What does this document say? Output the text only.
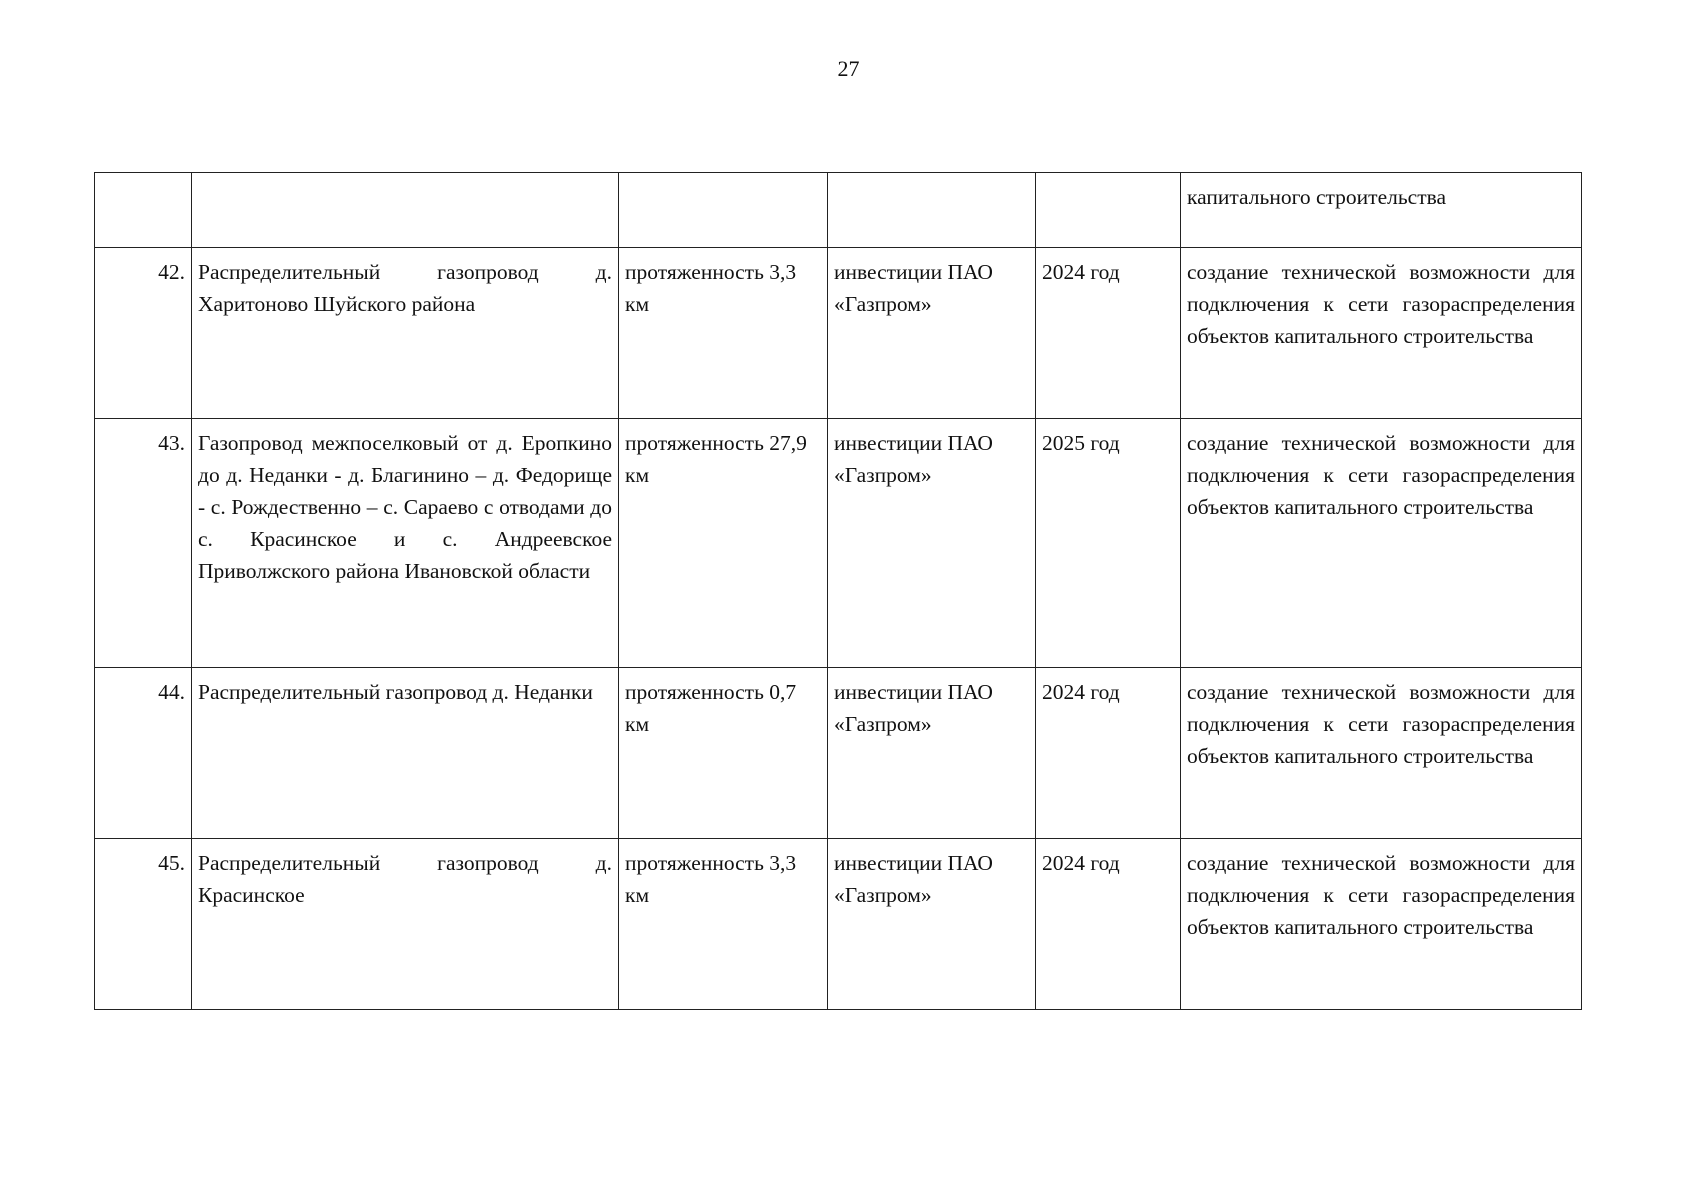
27
					капитального строительства
42.	Распределительный газопровод д. Харитоново Шуйского района	протяженность 3,3 км	инвестиции ПАО «Газпром»	2024 год	создание технической возможности для подключения к сети газораспределения объектов капитального строительства
43.	Газопровод межпоселковый от д. Еропкино до д. Неданки - д. Благинино – д. Федорище - с. Рождественно – с. Сараево с отводами до с. Красинское и с. Андреевское Приволжского района Ивановской области	протяженность 27,9 км	инвестиции ПАО «Газпром»	2025 год	создание технической возможности для подключения к сети газораспределения объектов капитального строительства
44.	Распределительный газопровод д. Неданки	протяженность 0,7 км	инвестиции ПАО «Газпром»	2024 год	создание технической возможности для подключения к сети газораспределения объектов капитального строительства
45.	Распределительный газопровод д. Красинское	протяженность 3,3 км	инвестиции ПАО «Газпром»	2024 год	создание технической возможности для подключения к сети газораспределения объектов капитального строительства
